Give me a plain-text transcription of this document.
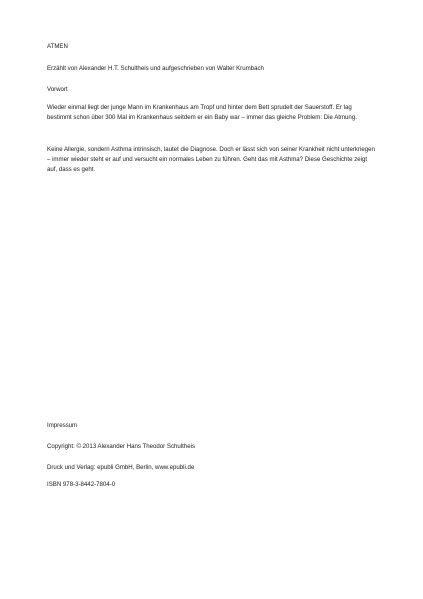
ATMEN

Erzählt von Alexander H.T. Schultheis und aufgeschrieben von Walter Krumbach

Vorwort

Wieder einmal liegt der junge Mann im Krankenhaus am Tropf und hinter dem Bett sprudelt der Sauerstoff. Er lag bestimmt schon über 300 Mal im Krankenhaus seitdem er ein Baby war – immer das gleiche Problem: Die Atmung.

Keine Allergie, sondern Asthma intrinsisch, lautet die Diagnose. Doch er lässt sich von seiner Krankheit nicht unterkriegen – immer wieder steht er auf und versucht ein normales Leben zu führen. Geht das mit Asthma? Diese Geschichte zeigt auf, dass es geht.

Impressum

Copyright: © 2013 Alexander Hans Theodor Schultheis

Druck und Verlag: epubli GmbH, Berlin, www.epubli.de

ISBN 978-3-8442-7804-0
